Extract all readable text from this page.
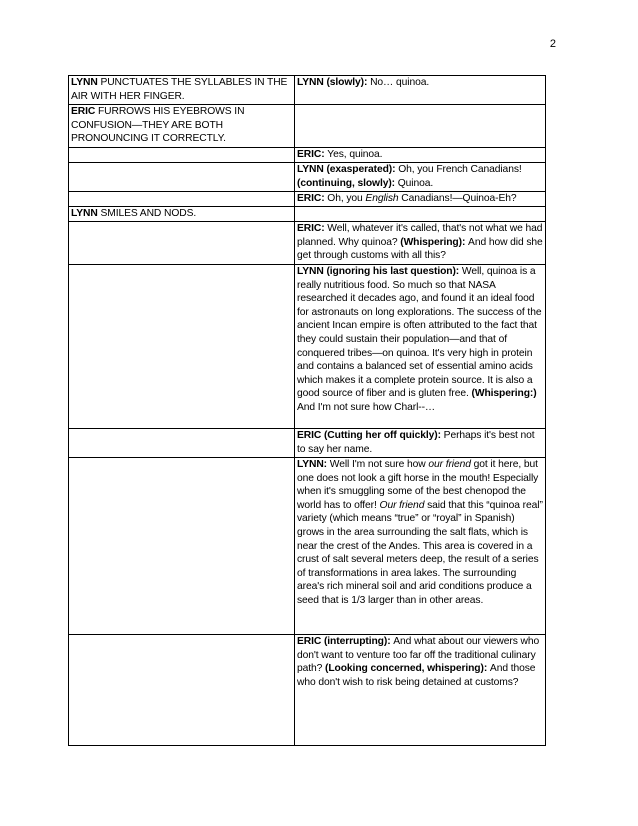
2
LYNN PUNCTUATES THE SYLLABLES IN THE AIR WITH HER FINGER.	LYNN (slowly): No… quinoa.
ERIC FURROWS HIS EYEBROWS IN CONFUSION—THEY ARE BOTH PRONOUNCING IT CORRECTLY.	
	ERIC: Yes, quinoa.
	LYNN (exasperated): Oh, you French Canadians! (continuing, slowly): Quinoa.
	ERIC: Oh, you English Canadians!—Quinoa-Eh?
LYNN SMILES AND NODS.	
	ERIC: Well, whatever it's called, that's not what we had planned. Why quinoa? (Whispering): And how did she get through customs with all this?
	LYNN (ignoring his last question): Well, quinoa is a really nutritious food. So much so that NASA researched it decades ago, and found it an ideal food for astronauts on long explorations. The success of the ancient Incan empire is often attributed to the fact that they could sustain their population—and that of conquered tribes—on quinoa. It's very high in protein and contains a balanced set of essential amino acids which makes it a complete protein source. It is also a good source of fiber and is gluten free. (Whispering:) And I'm not sure how Charl--…
	ERIC (Cutting her off quickly): Perhaps it's best not to say her name.
	LYNN: Well I'm not sure how our friend got it here, but one does not look a gift horse in the mouth! Especially when it's smuggling some of the best chenopod the world has to offer! Our friend said that this “quinoa real” variety (which means “true” or “royal” in Spanish) grows in the area surrounding the salt flats, which is near the crest of the Andes. This area is covered in a crust of salt several meters deep, the result of a series of transformations in area lakes. The surrounding area's rich mineral soil and arid conditions produce a seed that is 1/3 larger than in other areas.
	ERIC (interrupting): And what about our viewers who don't want to venture too far off the traditional culinary path? (Looking concerned, whispering): And those who don't wish to risk being detained at customs?
